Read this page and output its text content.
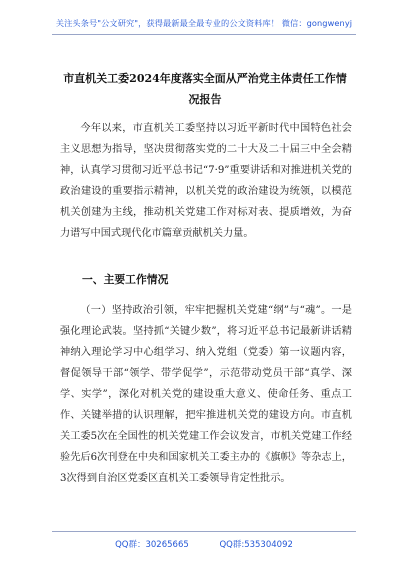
关注头条号"公文研究"，获得最新最全最专业的公文资料库！ 微信：gongwenyj
市直机关工委2024年度落实全面从严治党主体责任工作情况报告

今年以来，市直机关工委坚持以习近平新时代中国特色社会主义思想为指导，坚决贯彻落实党的二十大及二十届三中全会精神，认真学习贯彻习近平总书记“7·9”重要讲话和对推进机关党的政治建设的重要指示精神，以机关党的政治建设为统领，以模范机关创建为主线，推动机关党建工作对标对表、提质增效，为奋力谱写中国式现代化市篇章贡献机关力量。

一、主要工作情况

（一）坚持政治引领，牢牢把握机关党建“纲”与“魂”。一是强化理论武装。坚持抓“关键少数”，将习近平总书记最新讲话精神纳入理论学习中心组学习、纳入党组（党委）第一议题内容，督促领导干部“领学、带学促学”，示范带动党员干部“真学、深学、实学”，深化对机关党的建设重大意义、使命任务、重点工作、关键举措的认识理解，把牢推进机关党的建设方向。市直机关工委5次在全国性的机关党建工作会议发言，市机关党建工作经验先后6次刊登在中央和国家机关工委主办的《旗帜》等杂志上，3次得到自治区党委区直机关工委领导肯定性批示。

QQ群：30265665	QQ群:535304092
